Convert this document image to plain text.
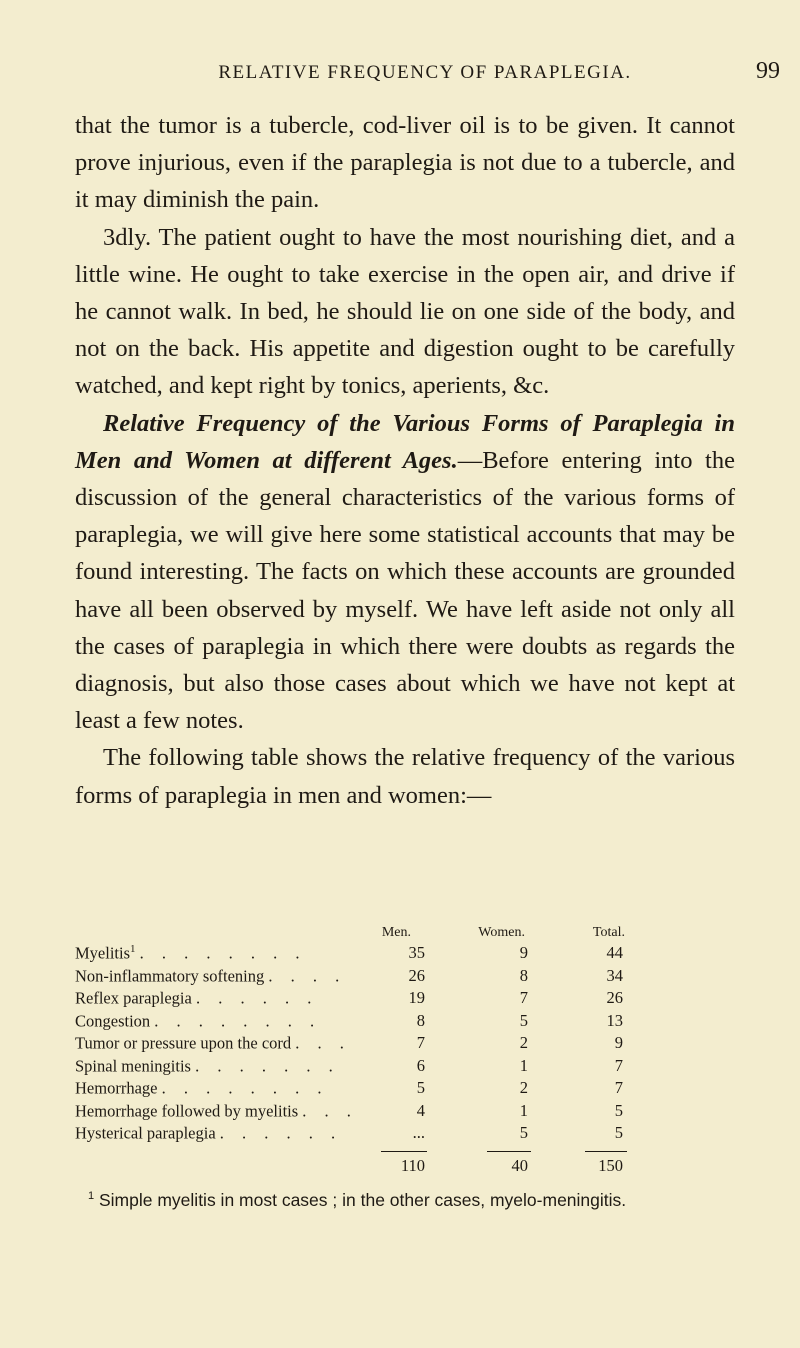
RELATIVE FREQUENCY OF PARAPLEGIA.	99

that the tumor is a tubercle, cod-liver oil is to be given. It cannot prove injurious, even if the paraplegia is not due to a tubercle, and it may diminish the pain.

3dly. The patient ought to have the most nourishing diet, and a little wine. He ought to take exercise in the open air, and drive if he cannot walk. In bed, he should lie on one side of the body, and not on the back. His appetite and digestion ought to be carefully watched, and kept right by tonics, aperients, &c.

Relative Frequency of the Various Forms of Paraplegia in Men and Women at different Ages.—Before entering into the discussion of the general characteristics of the various forms of paraplegia, we will give here some statistical accounts that may be found interesting. The facts on which these accounts are grounded have all been observed by myself. We have left aside not only all the cases of paraplegia in which there were doubts as regards the diagnosis, but also those cases about which we have not kept at least a few notes.

The following table shows the relative frequency of the various forms of paraplegia in men and women:—

Men.	Women.	Total.
Myelitis$^1$ . . . . . . . .	35	9	44
Non-inflammatory softening . . . .	26	8	34
Reflex paraplegia . . . . . .	19	7	26
Congestion . . . . . . . .	8	5	13
Tumor or pressure upon the cord . . .	7	2	9
Spinal meningitis . . . . . . .	6	1	7
Hemorrhage . . . . . . . .	5	2	7
Hemorrhage followed by myelitis . . .	4	1	5
Hysterical paraplegia . . . . . .	...	5	5
110	40	150
$^1$ Simple myelitis in most cases ; in the other cases, myelo-meningitis.
